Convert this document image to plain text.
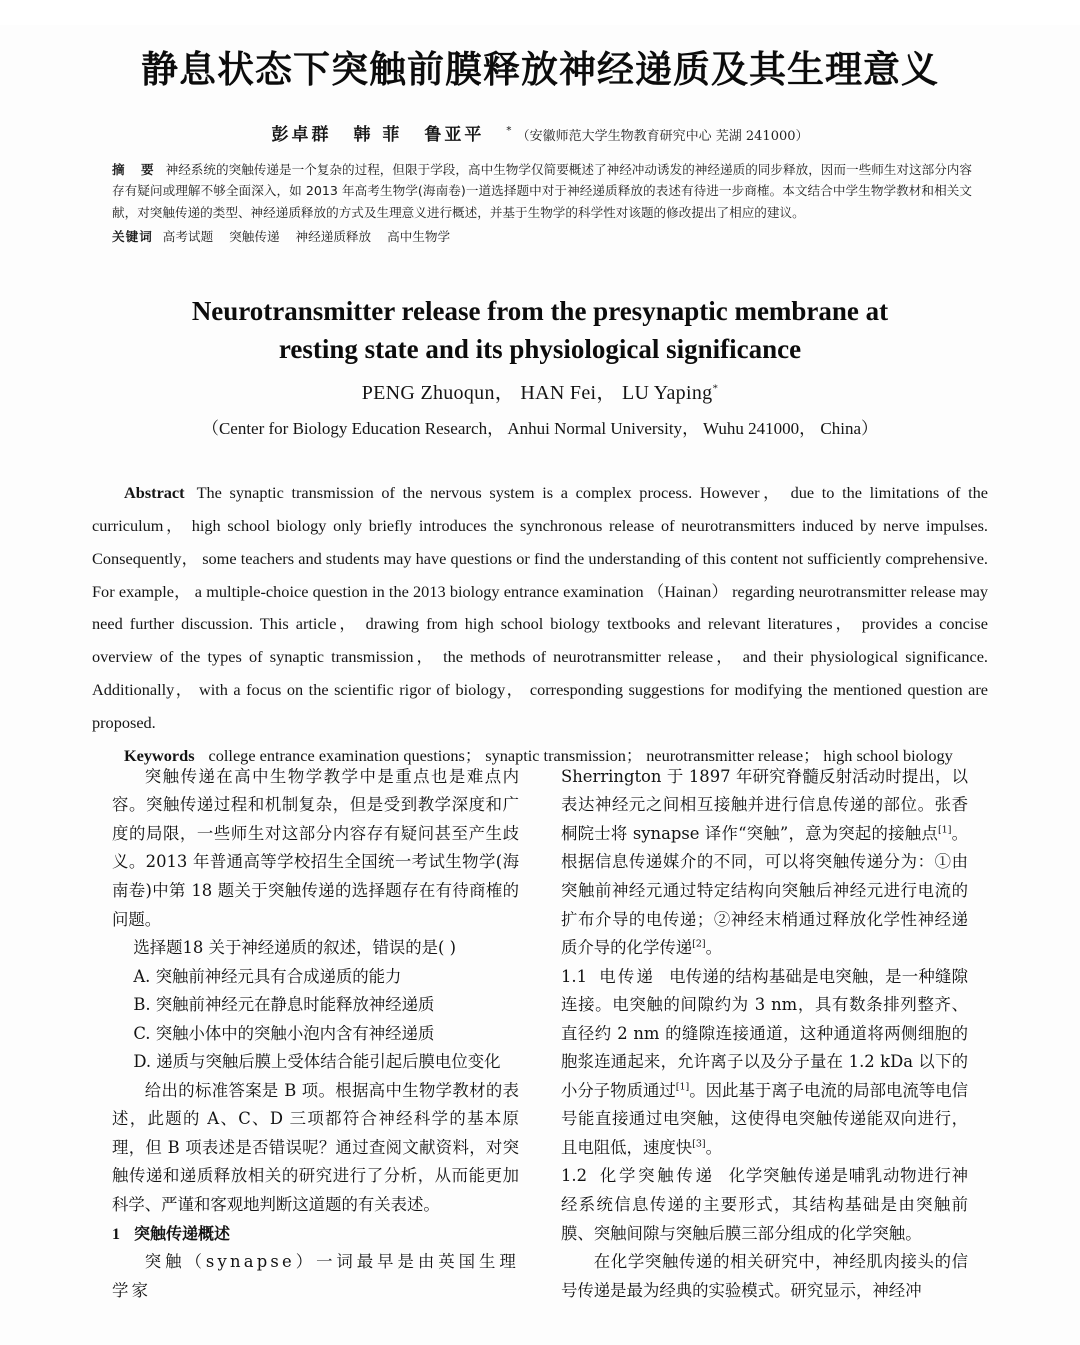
静息状态下突触前膜释放神经递质及其生理意义
彭卓群 韩 菲 鲁亚平 * （安徽师范大学生物教育研究中心 芜湖 241000）
摘 要 神经系统的突触传递是一个复杂的过程，但限于学段，高中生物学仅简要概述了神经冲动诱发的神经递质的同步释放，因而一些师生对这部分内容存有疑问或理解不够全面深入，如 2013 年高考生物学(海南卷)一道选择题中对于神经递质释放的表述有待进一步商榷。本文结合中学生物学教材和相关文献，对突触传递的类型、神经递质释放的方式及生理意义进行概述，并基于生物学的科学性对该题的修改提出了相应的建议。
关键词 高考试题 突触传递 神经递质释放 高中生物学
Neurotransmitter release from the presynaptic membrane at
resting state and its physiological significance
PENG Zhuoqun， HAN Fei， LU Yaping*
（Center for Biology Education Research， Anhui Normal University， Wuhu 241000， China）
Abstract The synaptic transmission of the nervous system is a complex process. However， due to the limitations of the curriculum， high school biology only briefly introduces the synchronous release of neurotransmitters induced by nerve impulses. Consequently， some teachers and students may have questions or find the understanding of this content not sufficiently comprehensive. For example， a multiple-choice question in the 2013 biology entrance examination （Hainan） regarding neurotransmitter release may need further discussion. This article， drawing from high school biology textbooks and relevant literatures， provides a concise overview of the types of synaptic transmission， the methods of neurotransmitter release， and their physiological significance. Additionally， with a focus on the scientific rigor of biology， corresponding suggestions for modifying the mentioned question are proposed.
Keywords college entrance examination questions； synaptic transmission； neurotransmitter release； high school biology

突触传递在高中生物学教学中是重点也是难点内容。突触传递过程和机制复杂，但是受到教学深度和广度的局限，一些师生对这部分内容存有疑问甚至产生歧义。2013 年普通高等学校招生全国统一考试生物学(海南卷)中第 18 题关于突触传递的选择题存在有待商榷的问题。

选择题18 关于神经递质的叙述，错误的是( )

A. 突触前神经元具有合成递质的能力

B. 突触前神经元在静息时能释放神经递质

C. 突触小体中的突触小泡内含有神经递质

D. 递质与突触后膜上受体结合能引起后膜电位变化

给出的标准答案是 B 项。根据高中生物学教材的表述，此题的 A、C、D 三项都符合神经科学的基本原理，但 B 项表述是否错误呢？通过查阅文献资料，对突触传递和递质释放相关的研究进行了分析，从而能更加科学、严谨和客观地判断这道题的有关表述。

1 突触传递概述

突触（synapse）一词最早是由英国生理学家

Sherrington 于 1897 年研究脊髓反射活动时提出，以表达神经元之间相互接触并进行信息传递的部位。张香桐院士将 synapse 译作“突触”，意为突起的接触点[1]。根据信息传递媒介的不同，可以将突触传递分为：①由突触前神经元通过特定结构向突触后神经元进行电流的扩布介导的电传递；②神经末梢通过释放化学性神经递质介导的化学传递[2]。

1.1 电传递 电传递的结构基础是电突触，是一种缝隙连接。电突触的间隙约为 3 nm，具有数条排列整齐、直径约 2 nm 的缝隙连接通道，这种通道将两侧细胞的胞浆连通起来，允许离子以及分子量在 1.2 kDa 以下的小分子物质通过[1]。因此基于离子电流的局部电流等电信号能直接通过电突触，这使得电突触传递能双向进行，且电阻低，速度快[3]。

1.2 化学突触传递 化学突触传递是哺乳动物进行神经系统信息传递的主要形式，其结构基础是由突触前膜、突触间隙与突触后膜三部分组成的化学突触。

在化学突触传递的相关研究中，神经肌肉接头的信号传递是最为经典的实验模式。研究显示，神经冲
